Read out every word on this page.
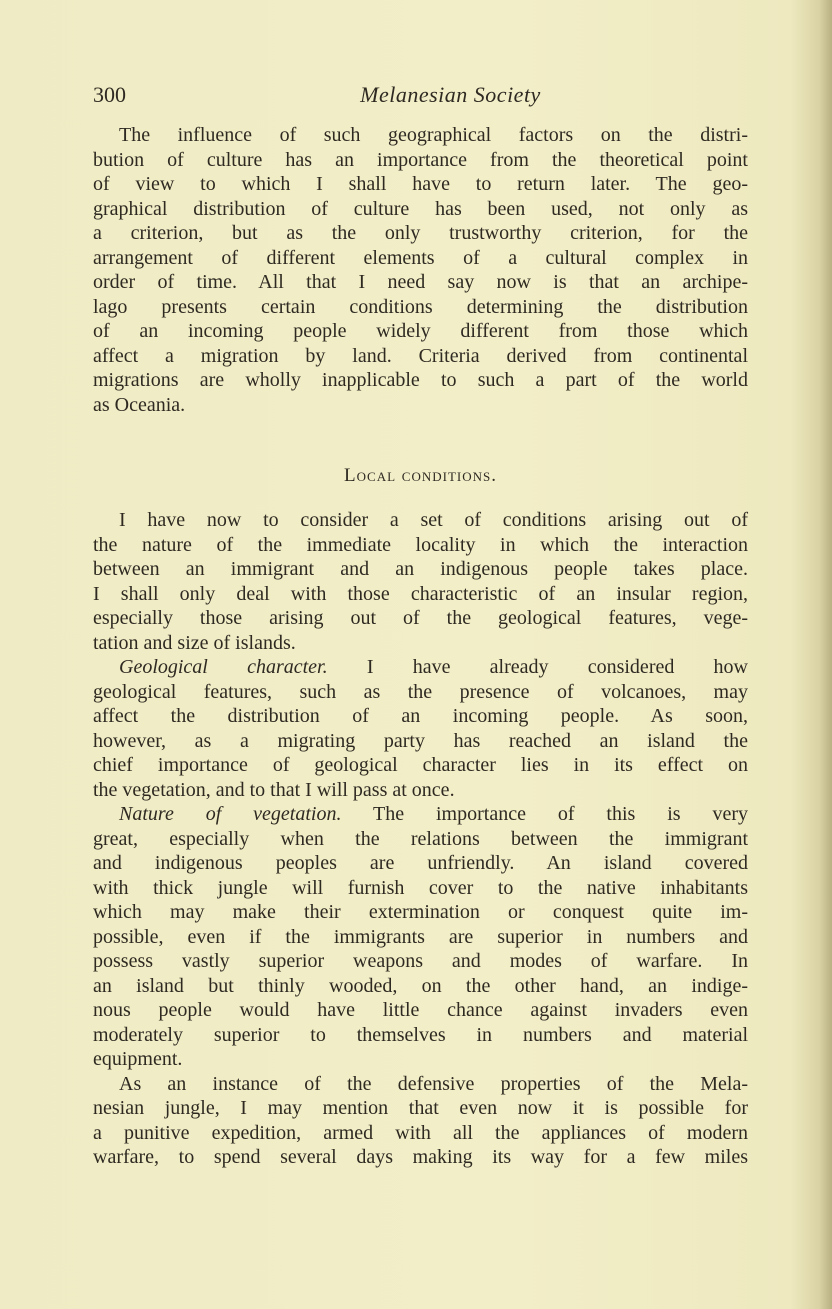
300	Melanesian Society
The influence of such geographical factors on the distri-
bution of culture has an importance from the theoretical point
of view to which I shall have to return later. The geo-
graphical distribution of culture has been used, not only as
a criterion, but as the only trustworthy criterion, for the
arrangement of different elements of a cultural complex in
order of time. All that I need say now is that an archipe-
lago presents certain conditions determining the distribution
of an incoming people widely different from those which
affect a migration by land. Criteria derived from continental
migrations are wholly inapplicable to such a part of the world
as Oceania.
Local conditions.
I have now to consider a set of conditions arising out of
the nature of the immediate locality in which the interaction
between an immigrant and an indigenous people takes place.
I shall only deal with those characteristic of an insular region,
especially those arising out of the geological features, vege-
tation and size of islands.
Geological character. I have already considered how
geological features, such as the presence of volcanoes, may
affect the distribution of an incoming people. As soon,
however, as a migrating party has reached an island the
chief importance of geological character lies in its effect on
the vegetation, and to that I will pass at once.
Nature of vegetation. The importance of this is very
great, especially when the relations between the immigrant
and indigenous peoples are unfriendly. An island covered
with thick jungle will furnish cover to the native inhabitants
which may make their extermination or conquest quite im-
possible, even if the immigrants are superior in numbers and
possess vastly superior weapons and modes of warfare. In
an island but thinly wooded, on the other hand, an indige-
nous people would have little chance against invaders even
moderately superior to themselves in numbers and material
equipment.
As an instance of the defensive properties of the Mela-
nesian jungle, I may mention that even now it is possible for
a punitive expedition, armed with all the appliances of modern
warfare, to spend several days making its way for a few miles
